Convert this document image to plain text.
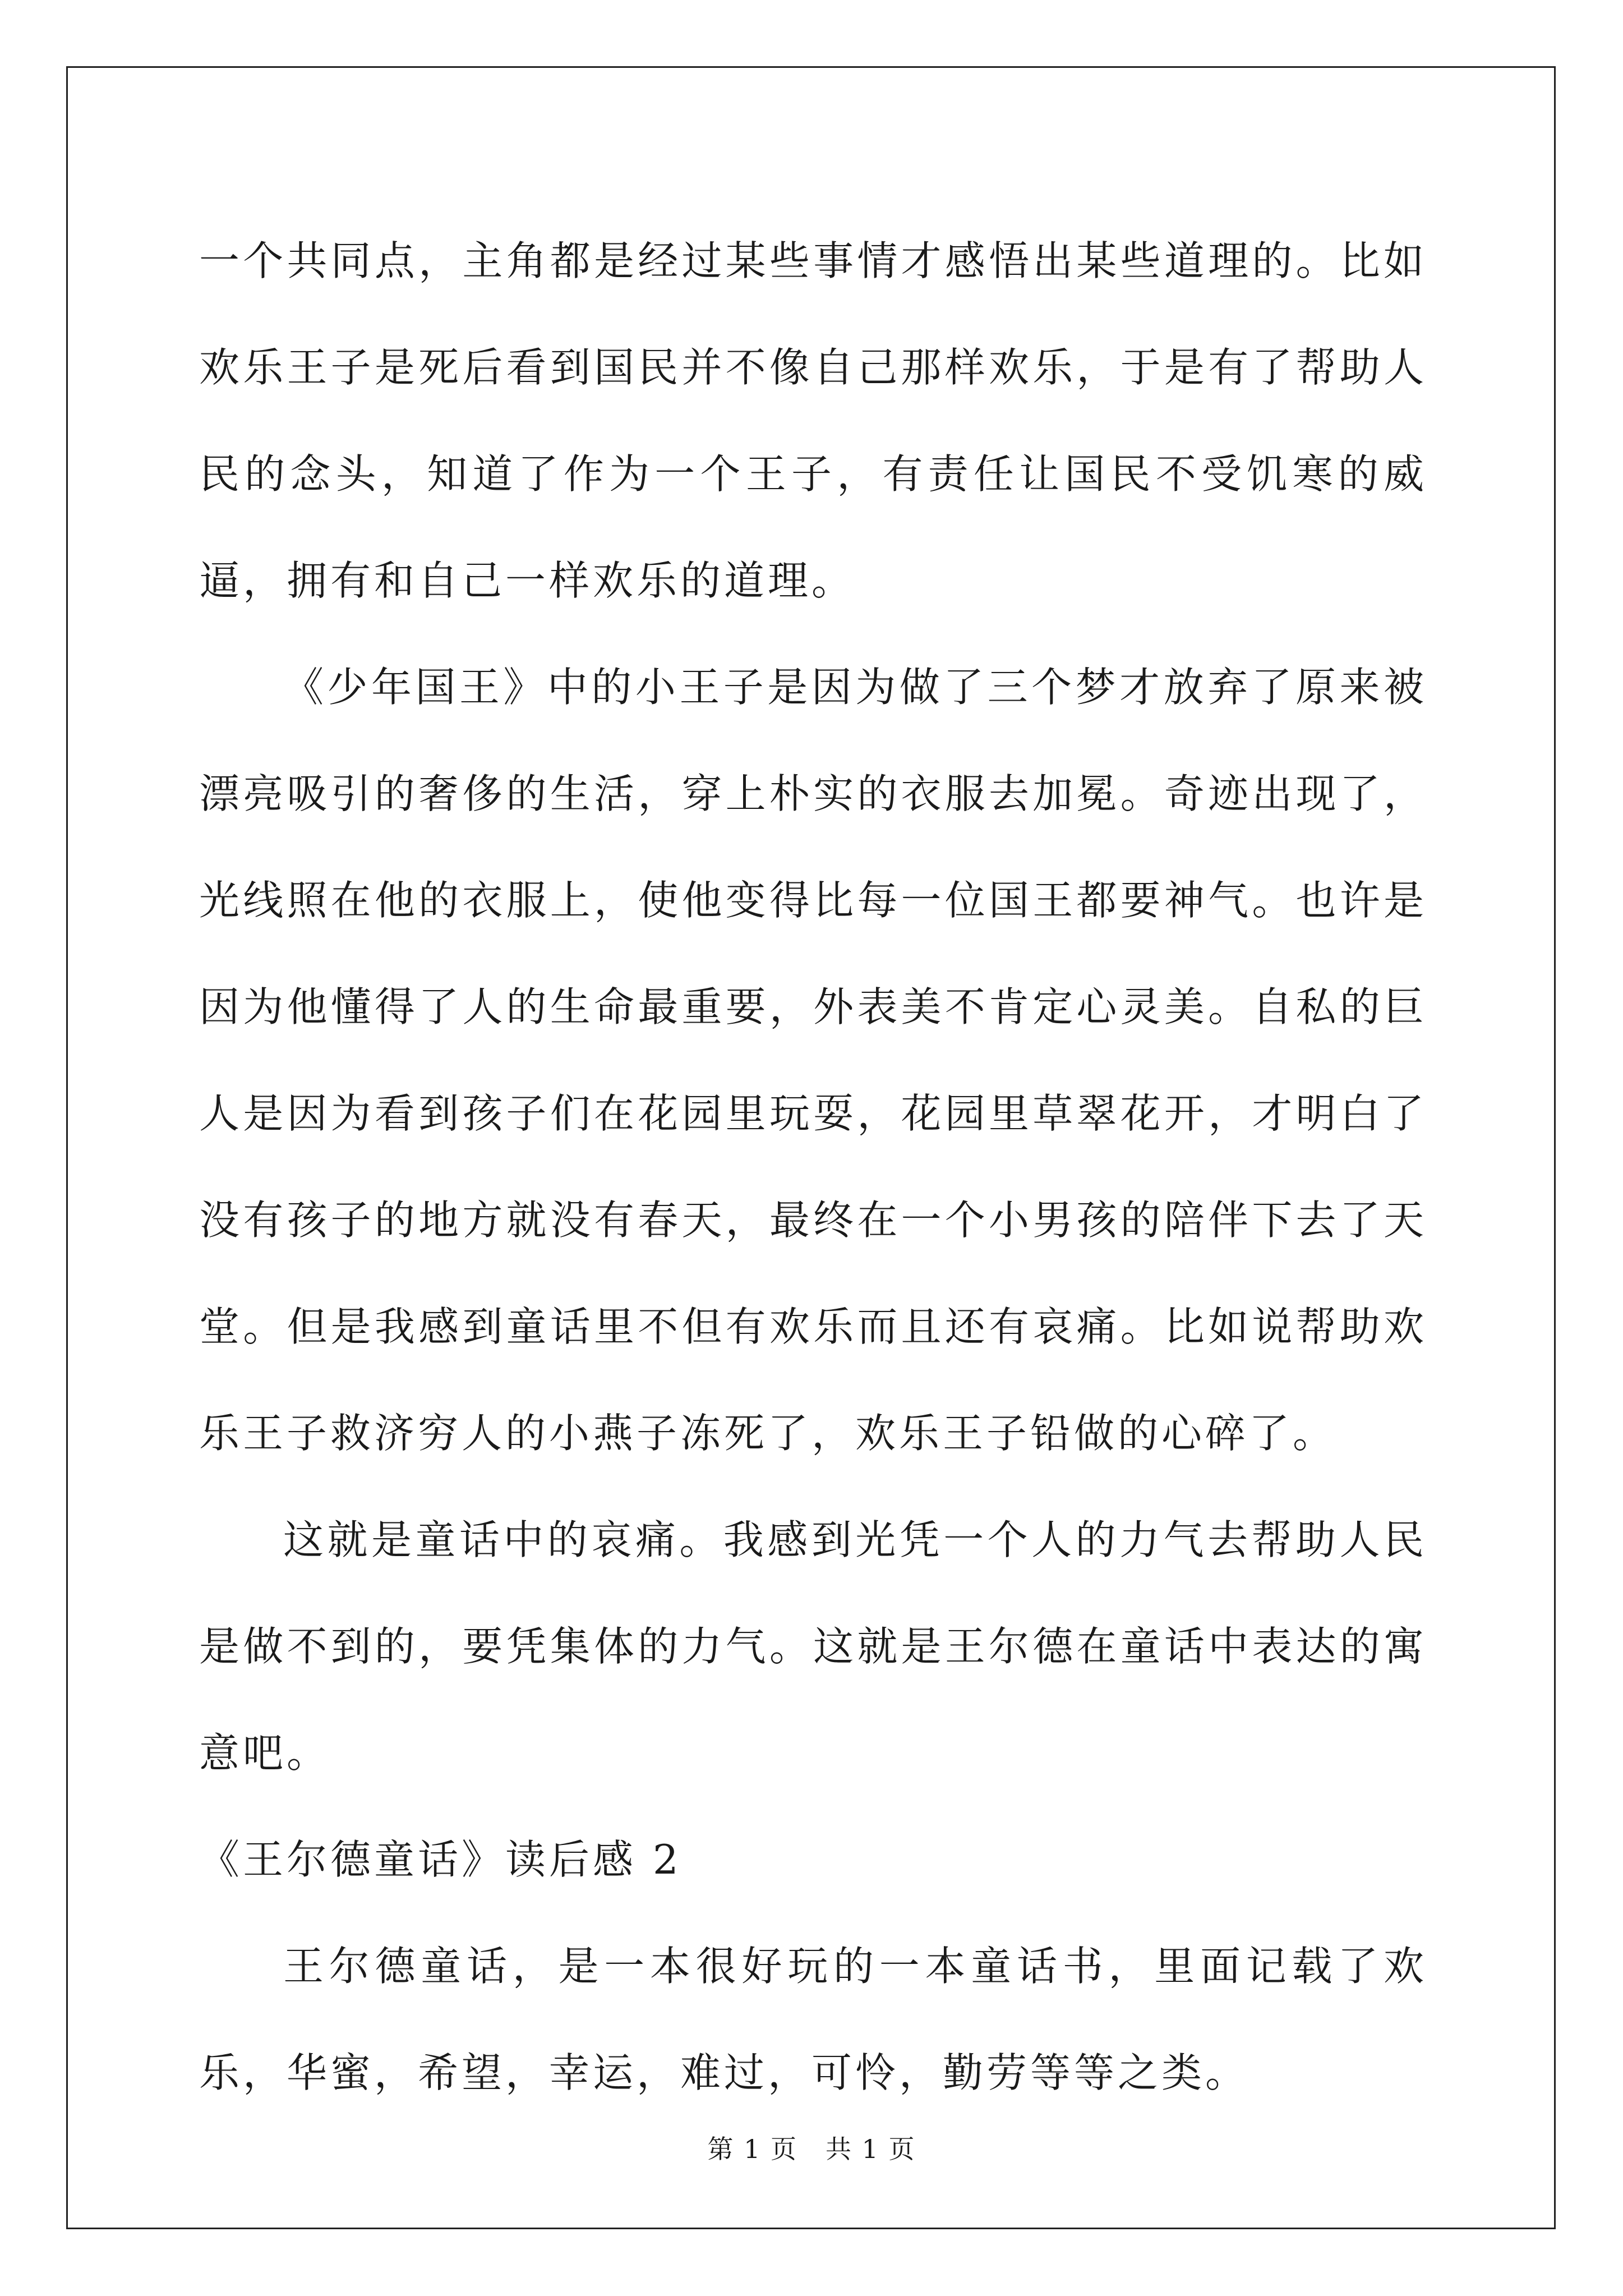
一个共同点，主角都是经过某些事情才感悟出某些道理的。比如欢乐王子是死后看到国民并不像自己那样欢乐，于是有了帮助人民的念头，知道了作为一个王子，有责任让国民不受饥寒的威逼，拥有和自己一样欢乐的道理。

《少年国王》中的小王子是因为做了三个梦才放弃了原来被漂亮吸引的奢侈的生活，穿上朴实的衣服去加冕。奇迹出现了，光线照在他的衣服上，使他变得比每一位国王都要神气。也许是因为他懂得了人的生命最重要，外表美不肯定心灵美。自私的巨人是因为看到孩子们在花园里玩耍，花园里草翠花开，才明白了没有孩子的地方就没有春天，最终在一个小男孩的陪伴下去了天堂。但是我感到童话里不但有欢乐而且还有哀痛。比如说帮助欢乐王子救济穷人的小燕子冻死了，欢乐王子铅做的心碎了。

这就是童话中的哀痛。我感到光凭一个人的力气去帮助人民是做不到的，要凭集体的力气。这就是王尔德在童话中表达的寓意吧。

《王尔德童话》读后感 2

王尔德童话，是一本很好玩的一本童话书，里面记载了欢乐，华蜜，希望，幸运，难过，可怜，勤劳等等之类。

第 1 页 共 1 页
